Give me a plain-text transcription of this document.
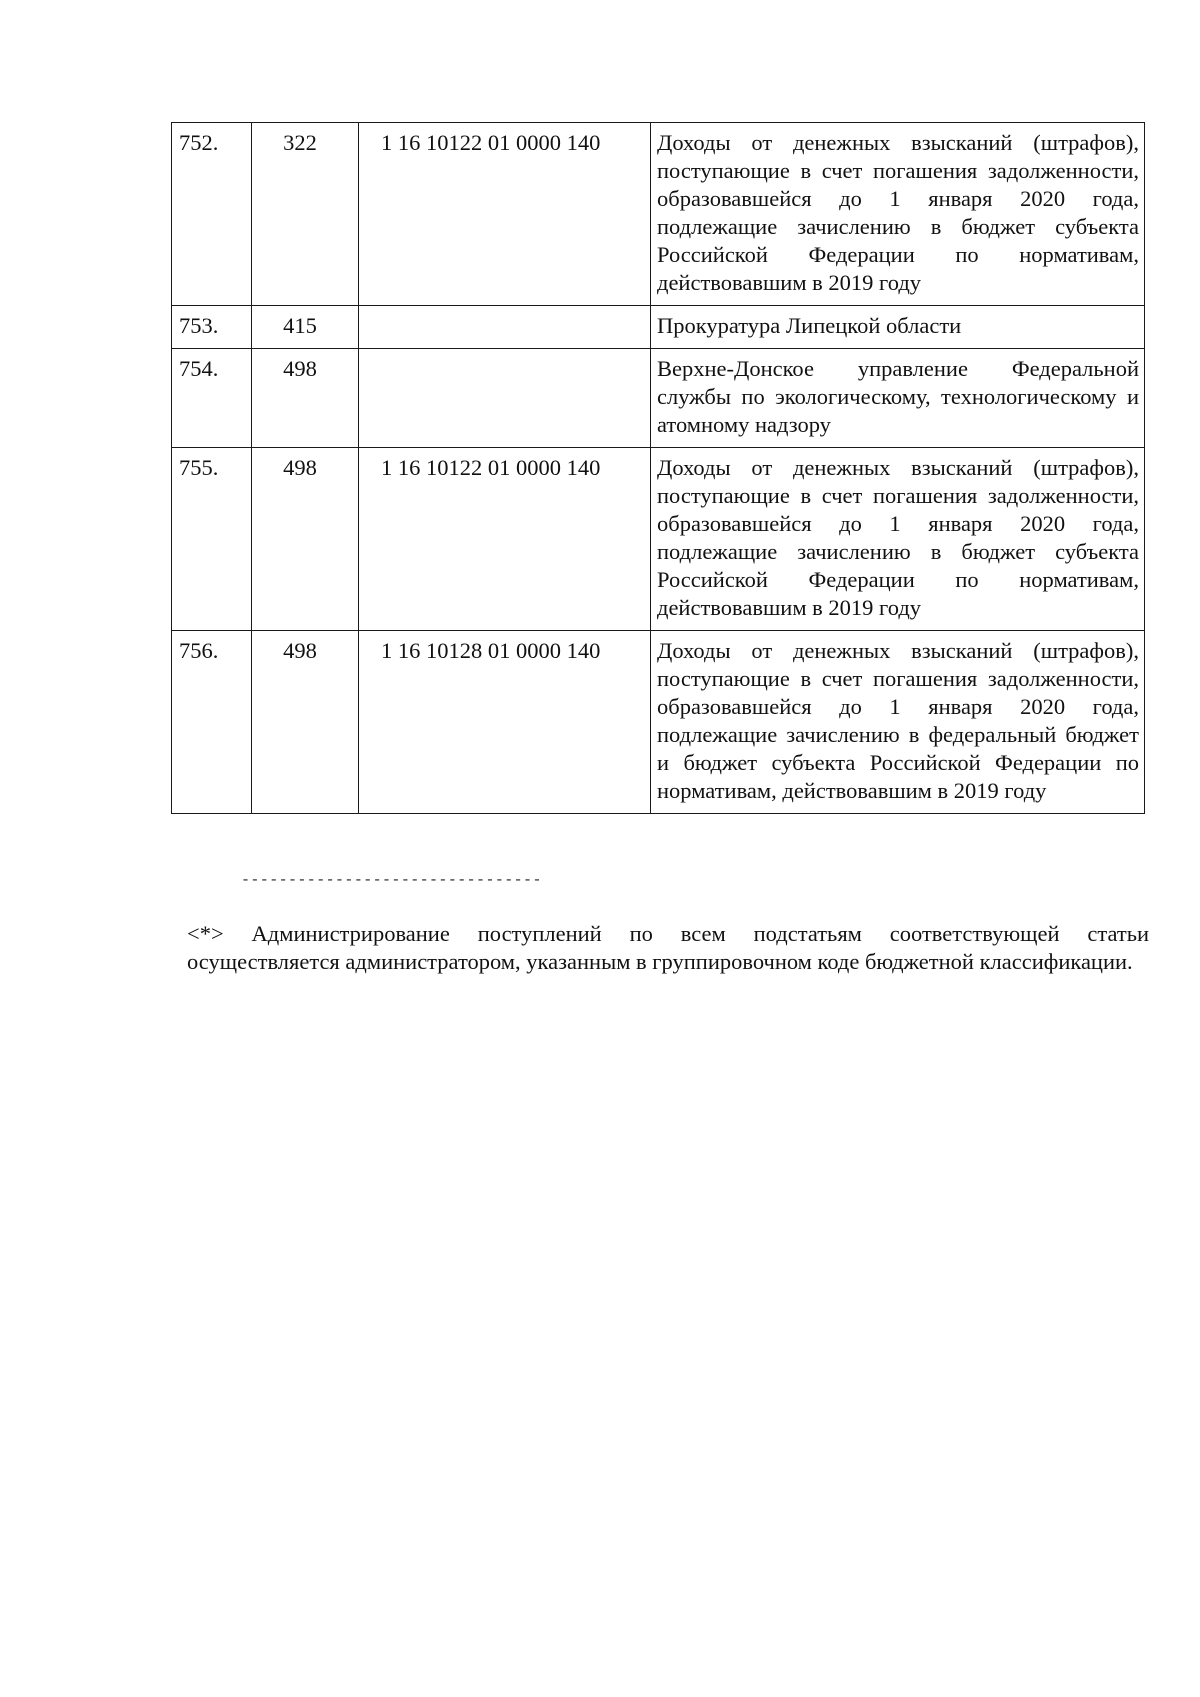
752.	322	1 16 10122 01 0000 140	Доходы от денежных взысканий (штрафов), поступающие в счет погашения задолженности, образовавшейся до 1 января 2020 года, подлежащие зачислению в бюджет субъекта Российской Федерации по нормативам, действовавшим в 2019 году
753.	415		Прокуратура Липецкой области
754.	498		Верхне-Донское управление Федеральной службы по экологическому, технологическому и атомному надзору
755.	498	1 16 10122 01 0000 140	Доходы от денежных взысканий (штрафов), поступающие в счет погашения задолженности, образовавшейся до 1 января 2020 года, подлежащие зачислению в бюджет субъекта Российской Федерации по нормативам, действовавшим в 2019 году
756.	498	1 16 10128 01 0000 140	Доходы от денежных взысканий (штрафов), поступающие в счет погашения задолженности, образовавшейся до 1 января 2020 года, подлежащие зачислению в федеральный бюджет и бюджет субъекта Российской Федерации по нормативам, действовавшим в 2019 году
--------------------------------
<*> Администрирование поступлений по всем подстатьям соответствующей статьи осуществляется администратором, указанным в группировочном коде бюджетной классификации.
